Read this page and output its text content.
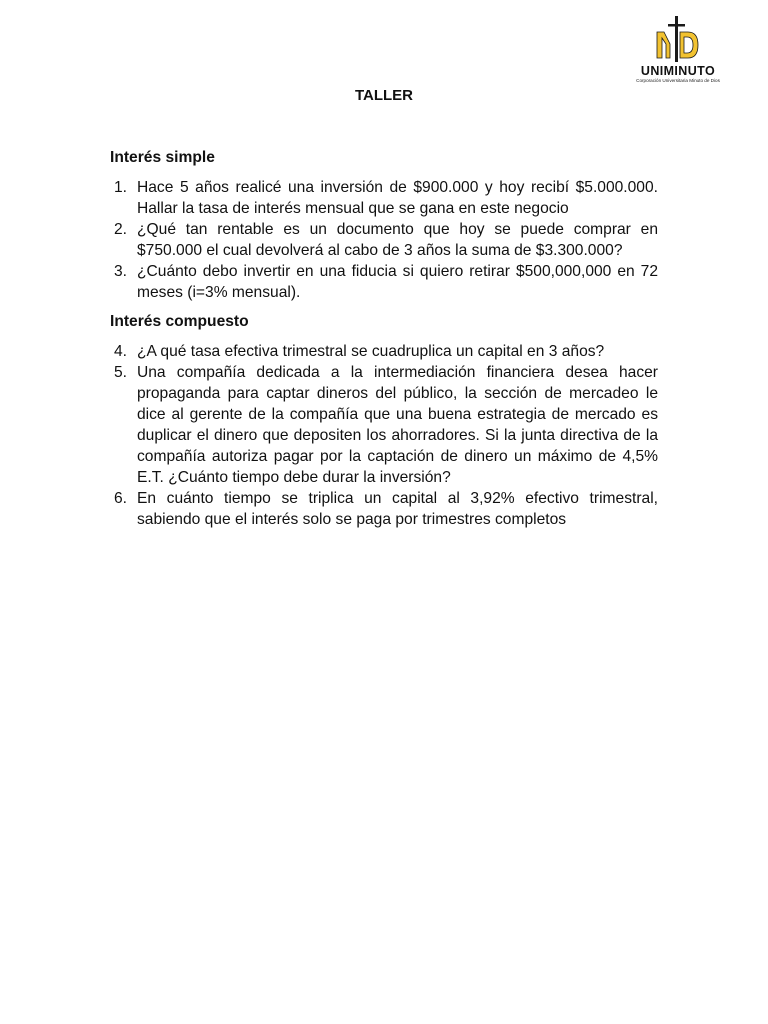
UNIMINUTO
Corporación Universitaria Minuto de Dios
TALLER

Interés simple

1. Hace 5 años realicé una inversión de $900.000 y hoy recibí $5.000.000. Hallar la tasa de interés mensual que se gana en este negocio
2. ¿Qué tan rentable es un documento que hoy se puede comprar en $750.000 el cual devolverá al cabo de 3 años la suma de $3.300.000?
3. ¿Cuánto debo invertir en una fiducia si quiero retirar $500,000,000 en 72 meses (i=3% mensual).

Interés compuesto

4. ¿A qué tasa efectiva trimestral se cuadruplica un capital en 3 años?
5. Una compañía dedicada a la intermediación financiera desea hacer propaganda para captar dineros del público, la sección de mercadeo le dice al gerente de la compañía que una buena estrategia de mercado es duplicar el dinero que depositen los ahorradores. Si la junta directiva de la compañía autoriza pagar por la captación de dinero un máximo de 4,5% E.T. ¿Cuánto tiempo debe durar la inversión?
6. En cuánto tiempo se triplica un capital al 3,92% efectivo trimestral, sabiendo que el interés solo se paga por trimestres completos
